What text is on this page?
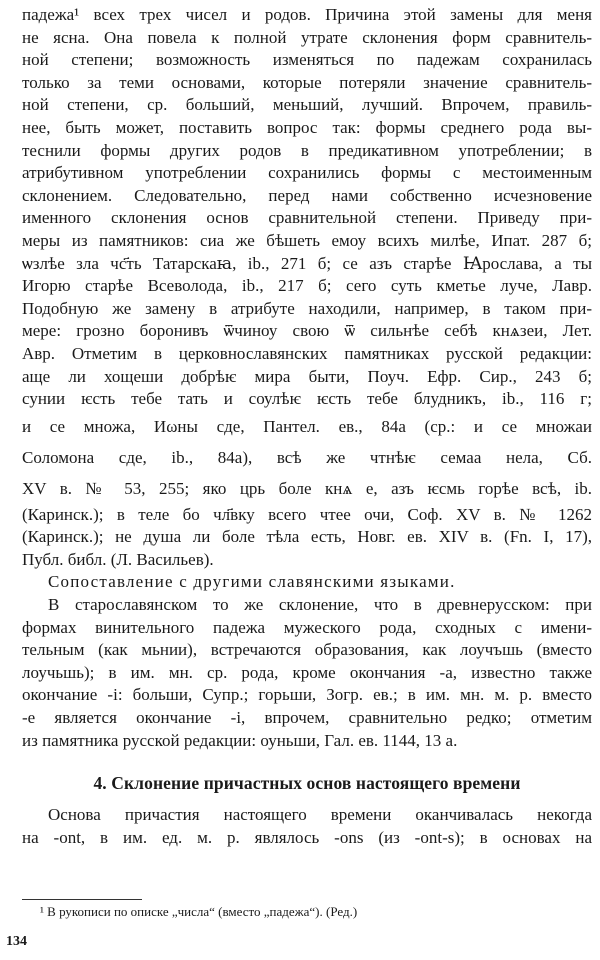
падежа¹ всех трех чисел и родов. Причина этой замены для меня
не ясна. Она повела к полной утрате склонения форм сравнитель-
ной степени; возможность изменяться по падежам сохранилась
только за теми основами, которые потеряли значение сравнитель-
ной степени, ср. больший, меньший, лучший. Впрочем, правиль-
нее, быть может, поставить вопрос так: формы среднего рода вы-
теснили формы других родов в предикативном употреблении; в
атрибутивном употреблении сохранились формы с местоименным
склонением. Следовательно, перед нами собственно исчезновение
именного склонения основ сравнительной степени. Приведу при-
меры из памятников: сиа же бѣшеть емоу всихъ милѣе, Ипат. 287 б;
ѡзлѣе зла чс҃ть Татарскаꙗ, ib., 271 б; се азъ старѣе Ꙗрослава, а ты
Игорю старѣе Всеволода, ib., 217 б; сего суть кметье луче, Лавр.
Подобную же замену в атрибуте находили, например, в таком при-
мере: грозно боронивъ ѿчиноу свою ѿ сильнѣе себѣ кнѧзеи, Лет.
Авр. Отметим в церковнославянских памятниках русской редакции:
аще ли хощеши добрѣѥ мира быти, Поуч. Ефр. Сир., 243 б;
сунии ѥсть тебе тать и соулѣѥ ѥсть тебе блудникъ, ib., 116 г;
и се множа, Иωны сде, Пантел. ев., 84а (ср.: и се множаи
Соломона сде, ib., 84а), всѣ же чтнѣѥ семаа нела, Сб.
XV в. № 53, 255; яко црь боле кнѧ е, азъ ѥсмь горѣе всѣ, ib.
(Каринск.); в теле бо чл҃вку всего чтее очи, Соф. XV в. № 1262
(Каринск.); не душа ли боле тѣла есть, Новг. ев. XIV в. (Fn. I, 17),
Публ. библ. (Л. Васильев).
Сопоставление с другими славянскими языками.
В старославянском то же склонение, что в древнерусском: при
формах винительного падежа мужеского рода, сходных с имени-
тельным (как мьнии), встречаются образования, как лоучъшь (вместо
лоучьшь); в им. мн. ср. рода, кроме окончания -а, известно также
окончание -i: больши, Супр.; горьши, Зогр. ев.; в им. мн. м. р. вместо
-е является окончание -i, впрочем, сравнительно редко; отметим
из памятника русской редакции: оуньши, Гал. ев. 1144, 13 а.
4. Склонение причастных основ настоящего времени
Основа причастия настоящего времени оканчивалась некогда
на -ont, в им. ед. м. р. являлось -ons (из -ont-s); в основах на
¹ В рукописи по описке „числа“ (вместо „падежа“). (Ред.)
134
